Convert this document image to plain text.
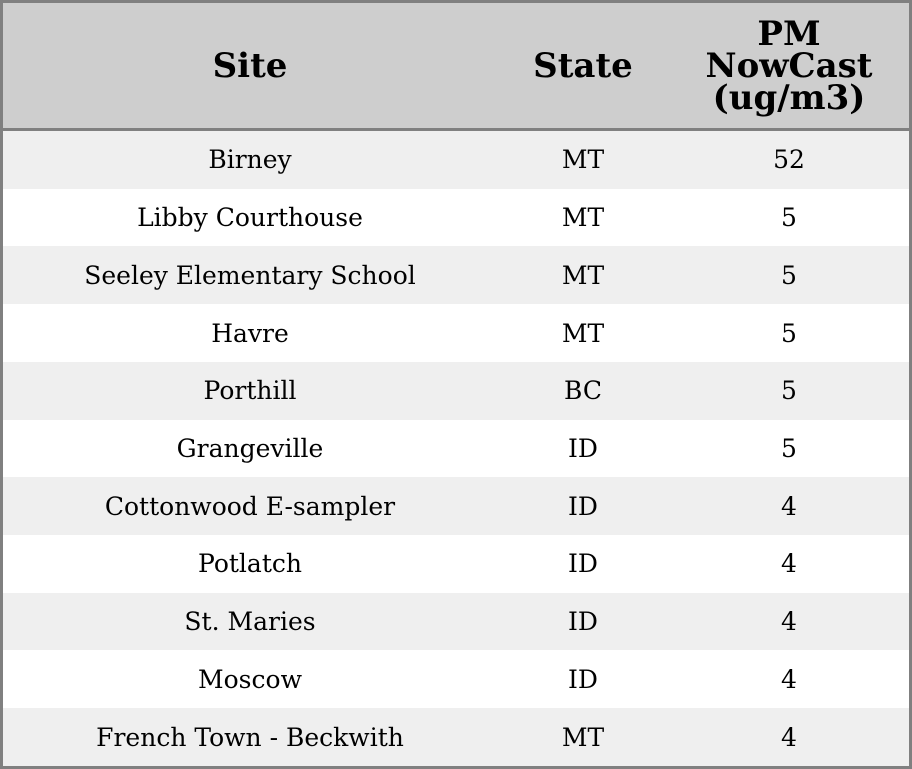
Site	State	PM NowCast (ug/m3)
Birney	MT	52
Libby Courthouse	MT	5
Seeley Elementary School	MT	5
Havre	MT	5
Porthill	BC	5
Grangeville	ID	5
Cottonwood E-sampler	ID	4
Potlatch	ID	4
St. Maries	ID	4
Moscow	ID	4
French Town - Beckwith	MT	4
